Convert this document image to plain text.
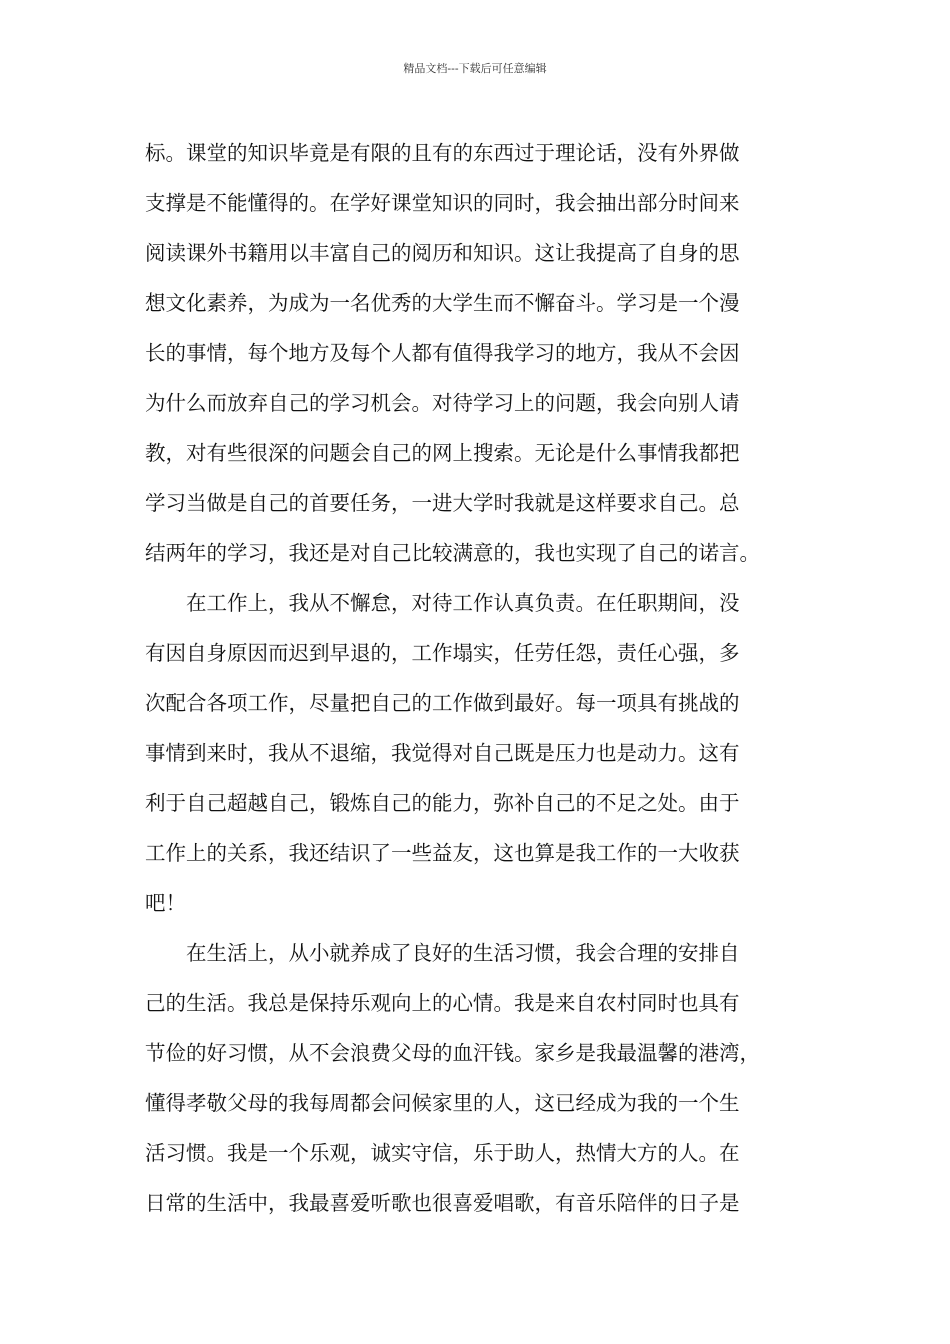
精品文档---下载后可任意编辑
标。课堂的知识毕竟是有限的且有的东西过于理论话，没有外界做
支撑是不能懂得的。在学好课堂知识的同时，我会抽出部分时间来
阅读课外书籍用以丰富自己的阅历和知识。这让我提高了自身的思
想文化素养，为成为一名优秀的大学生而不懈奋斗。学习是一个漫
长的事情，每个地方及每个人都有值得我学习的地方，我从不会因
为什么而放弃自己的学习机会。对待学习上的问题，我会向别人请
教，对有些很深的问题会自己的网上搜索。无论是什么事情我都把
学习当做是自己的首要任务，一进大学时我就是这样要求自己。总
结两年的学习，我还是对自己比较满意的，我也实现了自己的诺言。
　　在工作上，我从不懈怠，对待工作认真负责。在任职期间，没
有因自身原因而迟到早退的，工作塌实，任劳任怨，责任心强，多
次配合各项工作，尽量把自己的工作做到最好。每一项具有挑战的
事情到来时，我从不退缩，我觉得对自己既是压力也是动力。这有
利于自己超越自己，锻炼自己的能力，弥补自己的不足之处。由于
工作上的关系，我还结识了一些益友，这也算是我工作的一大收获
吧！
　　在生活上，从小就养成了良好的生活习惯，我会合理的安排自
己的生活。我总是保持乐观向上的心情。我是来自农村同时也具有
节俭的好习惯，从不会浪费父母的血汗钱。家乡是我最温馨的港湾，
懂得孝敬父母的我每周都会问候家里的人，这已经成为我的一个生
活习惯。我是一个乐观，诚实守信，乐于助人，热情大方的人。在
日常的生活中，我最喜爱听歌也很喜爱唱歌，有音乐陪伴的日子是
